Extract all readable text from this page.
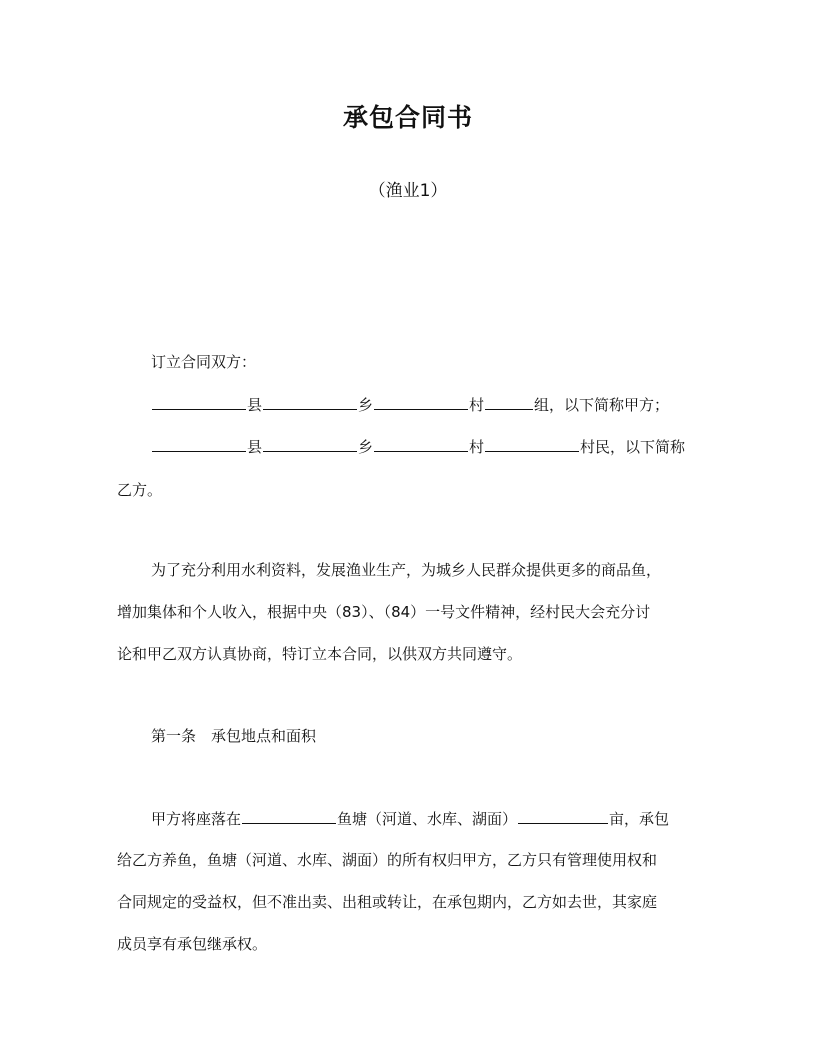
承包合同书
（渔业1）
订立合同双方：
县	乡	村	组，以下简称甲方；
县	乡	村	村民，以下简称
乙方。
为了充分利用水利资料，发展渔业生产，为城乡人民群众提供更多的商品鱼，
增加集体和个人收入，根据中央（83）、（84）一号文件精神，经村民大会充分讨
论和甲乙双方认真协商，特订立本合同，以供双方共同遵守。
第一条　承包地点和面积
甲方将座落在	鱼塘（河道、水库、湖面）	亩，承包
给乙方养鱼，鱼塘（河道、水库、湖面）的所有权归甲方，乙方只有管理使用权和
合同规定的受益权，但不准出卖、出租或转让，在承包期内，乙方如去世，其家庭
成员享有承包继承权。
